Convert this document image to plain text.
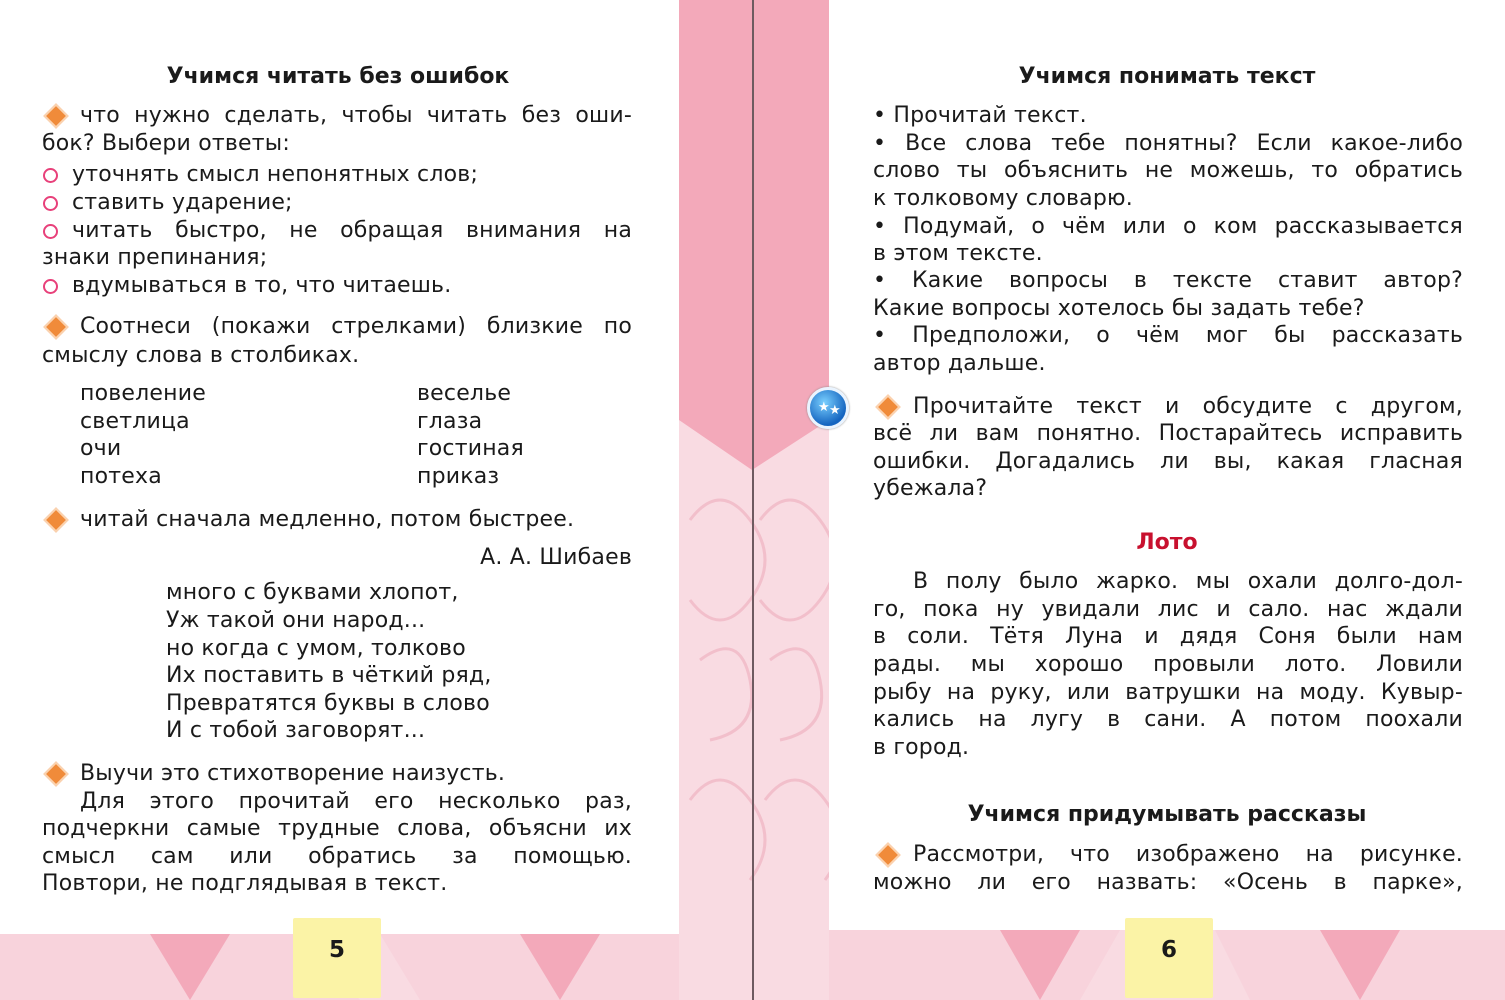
Учимся читать без ошибок
что нужно сделать, чтобы читать без оши-
бок? Выбери ответы:
уточнять смысл непонятных слов;
ставить ударение;
читать быстро, не обращая внимания на
знаки препинания;
вдумываться в то, что читаешь.
Соотнеси (покажи стрелками) близкие по
смыслу слова в столбиках.
повеление
светлица
очи
потеха
веселье
глаза
гостиная
приказ
читай сначала медленно, потом быстрее.
А. А. Шибаев
много с буквами хлопот,
Уж такой они народ...
но когда с умом, толково
Их поставить в чёткий ряд,
Превратятся буквы в слово
И с тобой заговорят...
Выучи это стихотворение наизусть.
Для этого прочитай его несколько раз,
подчеркни самые трудные слова, объясни их
смысл сам или обратись за помощью.
Повтори, не подглядывая в текст.
Учимся понимать текст
• Прочитай текст.
• Все слова тебе понятны? Если какое-либо
слово ты объяснить не можешь, то обратись
к толковому словарю.
• Подумай, о чём или о ком рассказывается
в этом тексте.
• Какие вопросы в тексте ставит автор?
Какие вопросы хотелось бы задать тебе?
• Предположи, о чём мог бы рассказать
автор дальше.
Прочитайте текст и обсудите с другом,
всё ли вам понятно. Постарайтесь исправить
ошибки. Догадались ли вы, какая гласная
убежала?
Лото
В полу было жарко. мы охали долго-дол-
го, пока ну увидали лис и сало. нас ждали
в соли. Тётя Луна и дядя Соня были нам
рады. мы хорошо провыли лото. Ловили
рыбу на руку, или ватрушки на моду. Кувыр-
кались на лугу в сани. А потом поохали
в город.
Учимся придумывать рассказы
Рассмотри, что изображено на рисунке.
можно ли его назвать: «Осень в парке»,
5	6
★ ★
